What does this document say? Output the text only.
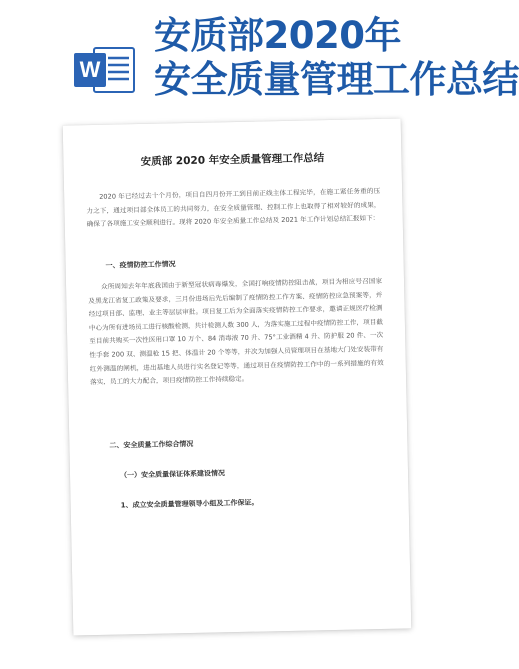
W
安质部2020年
安全质量管理工作总结
安质部 2020 年安全质量管理工作总结
2020 年已经过去十个月份，项目自四月份开工到目前正线主体工程完毕，在施工紧任务重的压力之下，通过项目部全体员工的共同努力，在安全质量管理、控制工作上也取得了相对较好的成果，确保了各项施工安全顺利进行。现将 2020 年安全质量工作总结及 2021 年工作计划总结汇报如下：
一、疫情防控工作情况
众所周知去年年底我国由于新型冠状病毒爆发，全国打响疫情防控阻击战，项目为相应号召国家及黑龙江省复工政策及要求，三月份进场后先后编制了疫情防控工作方案、疫情防控应急预案等，并经过项目部、监理、业主等层层审批。项目复工后为全面落实疫情防控工作要求，邀请正规医疗检测中心为所有进场员工进行核酸检测，共计检测人数 300 人，为落实施工过程中疫情防控工作，项目截至目前共购买一次性医用口罩 10 万个、84 消毒液 70 升、75°工业酒精 4 升、防护服 20 件、一次性手套 200 双、测温枪 15 把、体温计 20 个等等，并次为加强人员管理项目在基地大门处安装带有红外测温的闸机，进出基地人员进行实名登记等等，通过项目在疫情防控工作中的一系列措施的有效落实，员工的大力配合，项目疫情防控工作持续稳定。
二、安全质量工作综合情况
（一）安全质量保证体系建设情况
1、成立安全质量管理领导小组及工作保证。
